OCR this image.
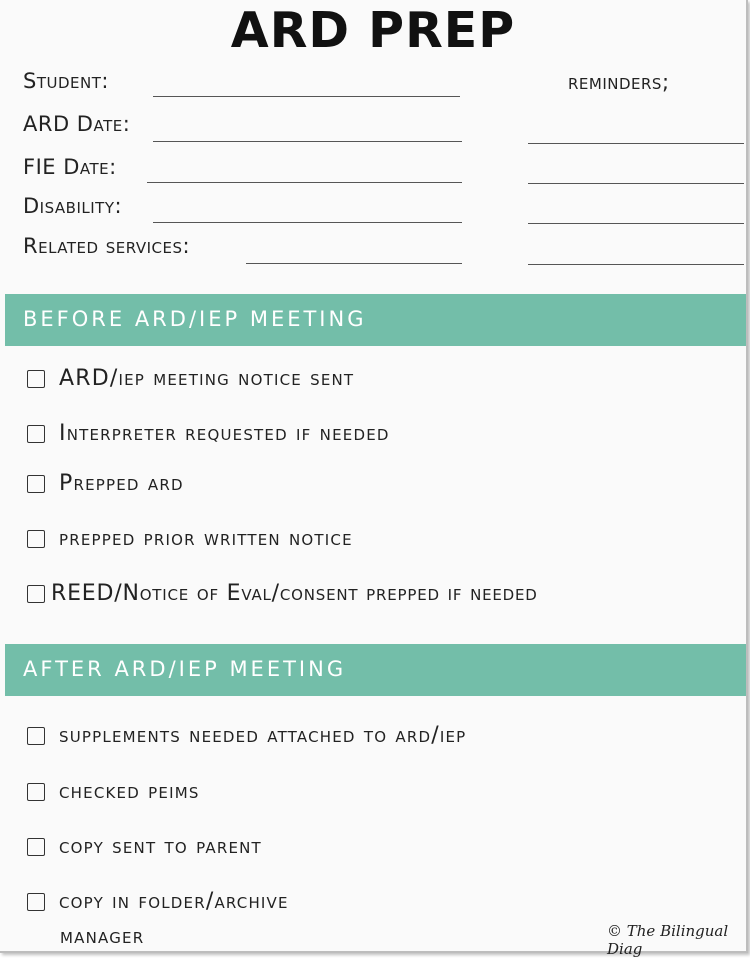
ARD PREP
Student:
ARD Date:
FIE Date:
Disability:
Related services:
reminders;
BEFORE ARD/IEP MEETING
ARD/iep meeting notice sent
Interpreter requested if needed
Prepped ard
prepped prior written notice
REED/Notice of Eval/consent prepped if needed
AFTER ARD/IEP MEETING
supplements needed attached to ard/iep
checked peims
copy sent to parent
copy in folder/archive
manager	© The Bilingual Diag
